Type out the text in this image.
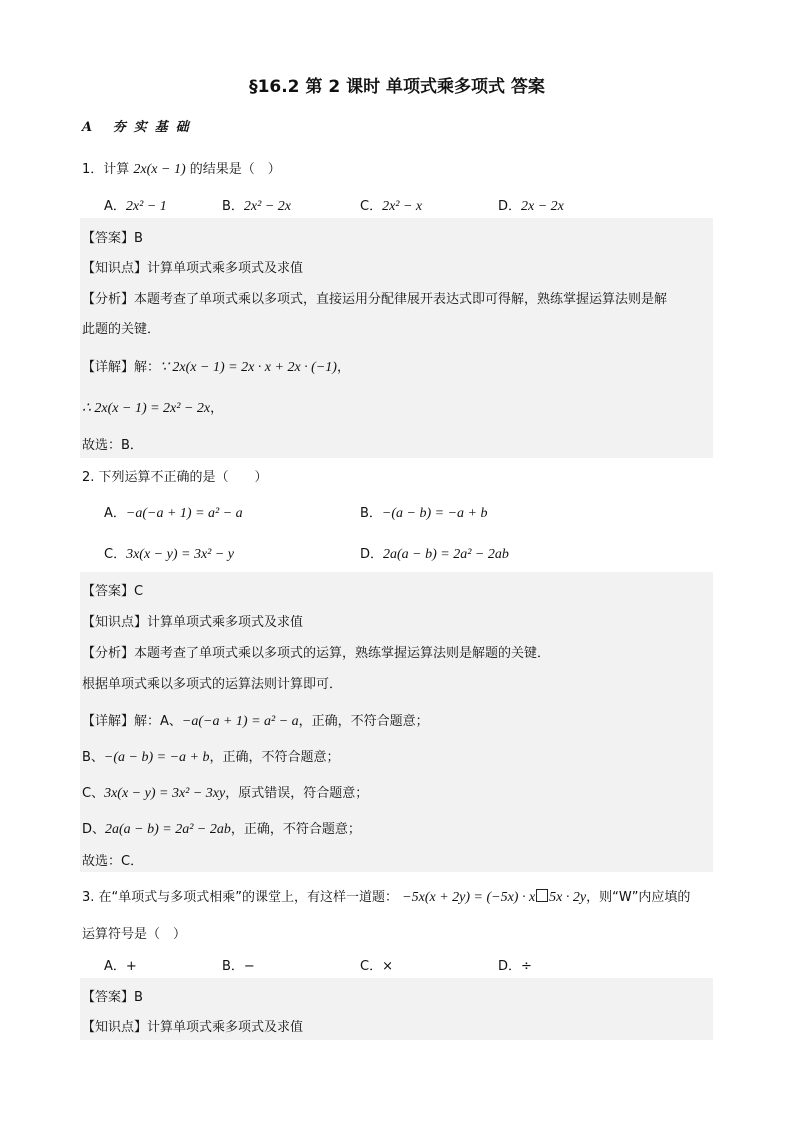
§16.2 第 2 课时 单项式乘多项式 答案
A 夯实基础
1．计算 2x(x − 1) 的结果是（　）
A．2x² − 1	B．2x² − 2x	C．2x² − x	D．2x − 2x
【答案】B
【知识点】计算单项式乘多项式及求值
【分析】本题考查了单项式乘以多项式，直接运用分配律展开表达式即可得解，熟练掌握运算法则是解
此题的关键．
【详解】解：∵ 2x(x − 1) = 2x · x + 2x · (−1)，
∴ 2x(x − 1) = 2x² − 2x，
故选：B．
2. 下列运算不正确的是（　　）
A．−a(−a + 1) = a² − a	B．−(a − b) = −a + b
C．3x(x − y) = 3x² − y	D．2a(a − b) = 2a² − 2ab
【答案】C
【知识点】计算单项式乘多项式及求值
【分析】本题考查了单项式乘以多项式的运算，熟练掌握运算法则是解题的关键．
根据单项式乘以多项式的运算法则计算即可．
【详解】解：A、−a(−a + 1) = a² − a，正确，不符合题意；
B、−(a − b) = −a + b，正确，不符合题意；
C、3x(x − y) = 3x² − 3xy，原式错误，符合题意；
D、2a(a − b) = 2a² − 2ab，正确，不符合题意；
故选：C．
3. 在“单项式与多项式相乘”的课堂上，有这样一道题： −5x(x + 2y) = (−5x) · x 5x · 2y，则“W”内应填的
运算符号是（　）
A．+	B．−	C．×	D．÷
【答案】B
【知识点】计算单项式乘多项式及求值
